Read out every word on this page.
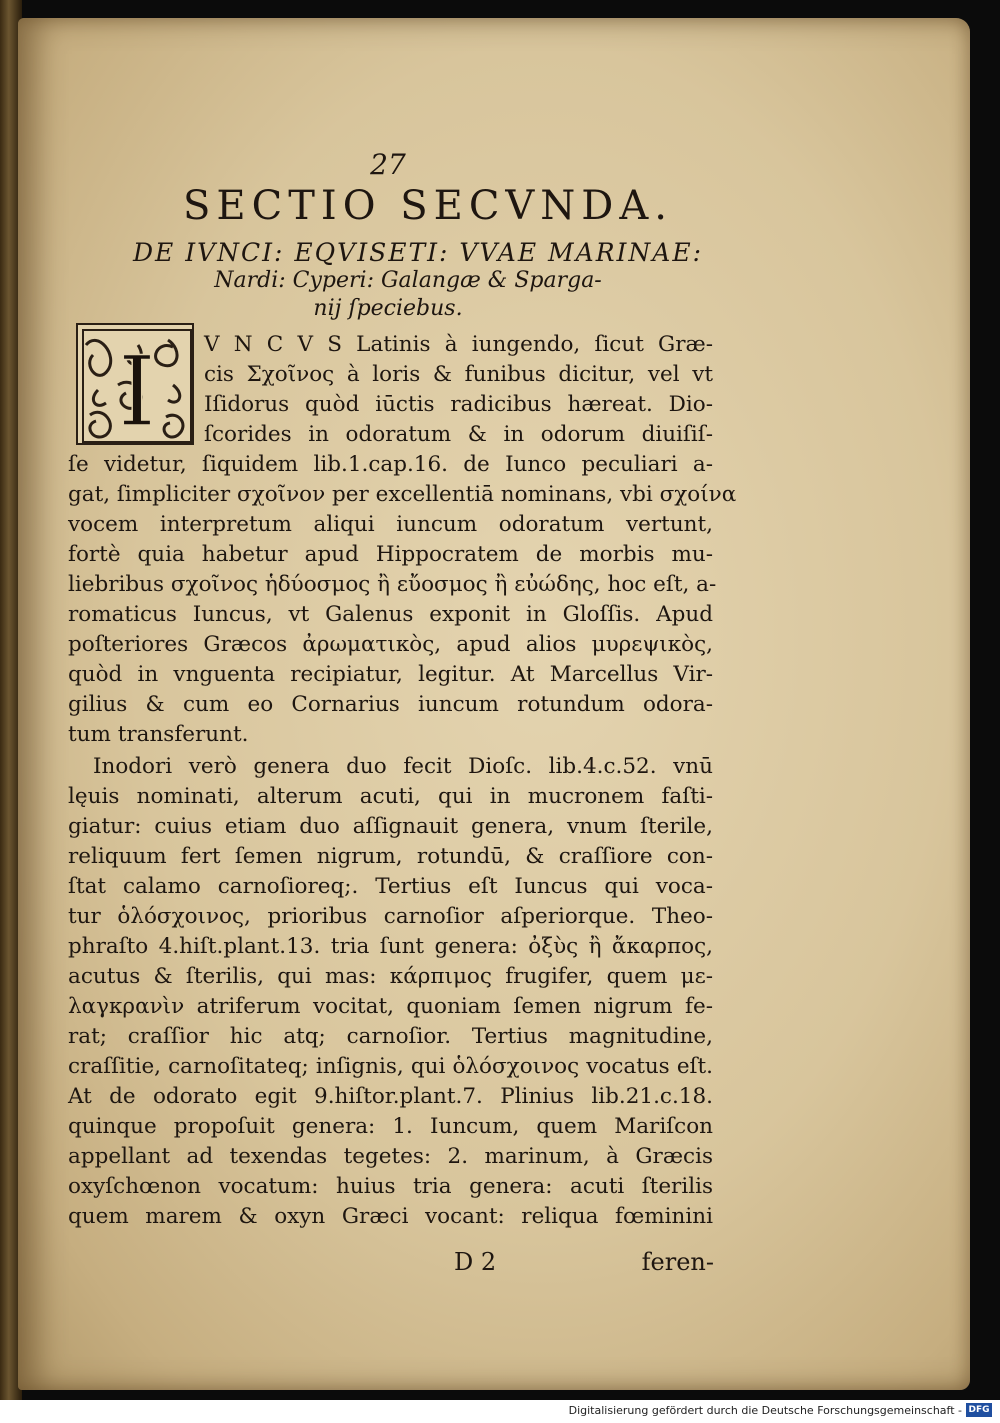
27
SECTIO SECVNDA.
DE IVNCI: EQVISETI: VVAE MARINAE:
Nardi: Cyperi: Galangæ & Sparga-
nij ſpeciebus.
I V N C V S Latinis à iungendo, ſicut Græ-
cis Σχοῖνος à loris & funibus dicitur, vel vt
Iſidorus quòd iūctis radicibus hæreat. Dio-
ſcorides in odoratum & in odorum diuiſiſ-
ſe videtur, ſiquidem lib.1.cap.16. de Iunco peculiari a-
gat, ſimpliciter σχοῖνον per excellentiā nominans, vbi σχοίνα
vocem interpretum aliqui iuncum odoratum vertunt,
fortè quia habetur apud Hippocratem de morbis mu-
liebribus σχοῖνος ἡδύοσμος ἢ εὔοσμος ἢ εὐώδης, hoc eſt, a-
romaticus Iuncus, vt Galenus exponit in Gloſſis. Apud
poſteriores Græcos ἀρωματικὸς, apud alios μυρεψικὸς,
quòd in vnguenta recipiatur, legitur. At Marcellus Vir-
gilius & cum eo Cornarius iuncum rotundum odora-
tum transferunt.
Inodori verò genera duo fecit Dioſc. lib.4.c.52. vnū
lęuis nominati, alterum acuti, qui in mucronem faſti-
giatur: cuius etiam duo aſſignauit genera, vnum ſterile,
reliquum fert ſemen nigrum, rotundū, & craſſiore con-
ſtat calamo carnoſioreq;. Tertius eſt Iuncus qui voca-
tur ὁλόσχοινος, prioribus carnoſior aſperiorque. Theo-
phraſto 4.hiſt.plant.13. tria ſunt genera: ὀξὺς ἢ ἄκαρπος,
acutus & ſterilis, qui mas: κάρπιμος frugifer, quem με-
λαγκρανὶν atriferum vocitat, quoniam ſemen nigrum fe-
rat; craſſior hic atq; carnoſior. Tertius magnitudine,
craſſitie, carnoſitateq; inſignis, qui ὁλόσχοινος vocatus eſt.
At de odorato egit 9.hiſtor.plant.7. Plinius lib.21.c.18.
quinque propoſuit genera: 1. Iuncum, quem Mariſcon
appellant ad texendas tegetes: 2. marinum, à Græcis
oxyſchœnon vocatum: huius tria genera: acuti ſterilis
quem marem & oxyn Græci vocant: reliqua fœminini
D 2	feren-
Digitalisierung gefördert durch die Deutsche Forschungsgemeinschaft - DFG
